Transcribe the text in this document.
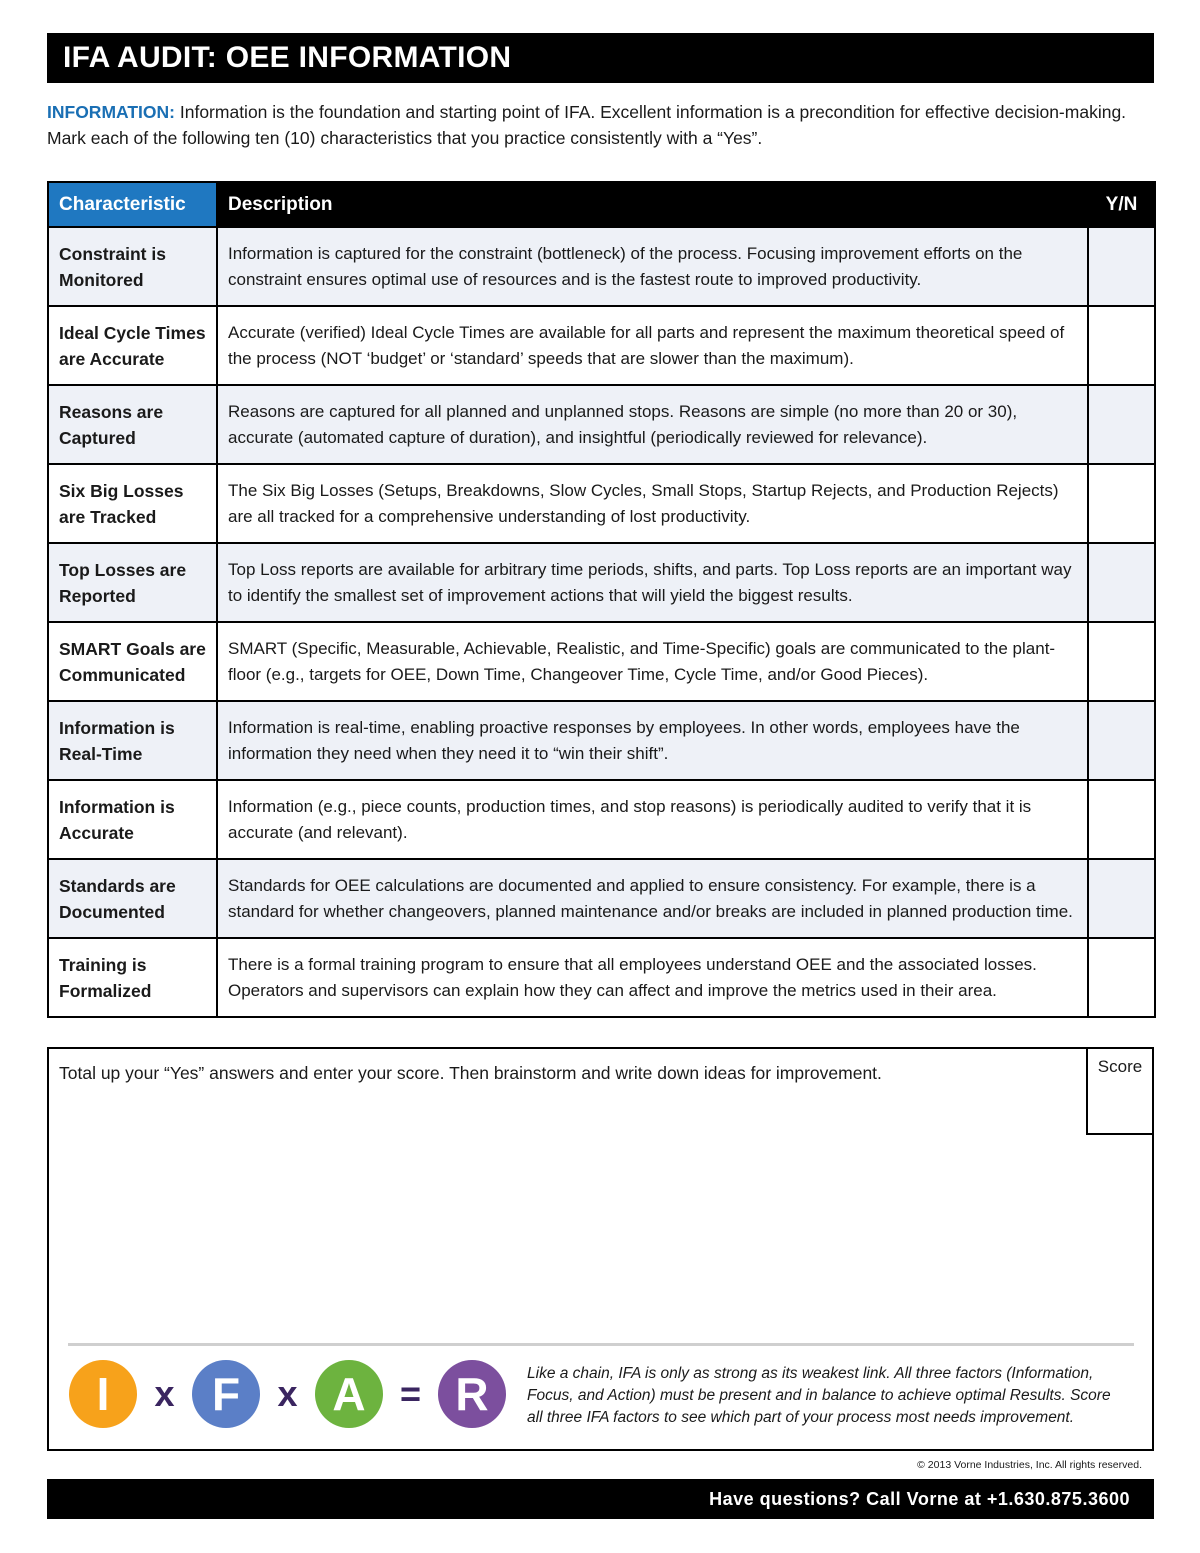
IFA AUDIT: OEE INFORMATION
INFORMATION: Information is the foundation and starting point of IFA. Excellent information is a precondition for effective decision-making. Mark each of the following ten (10) characteristics that you practice consistently with a “Yes”.
Characteristic	Description	Y/N
Constraint is Monitored	Information is captured for the constraint (bottleneck) of the process. Focusing improvement efforts on the constraint ensures optimal use of resources and is the fastest route to improved productivity.	
Ideal Cycle Times are Accurate	Accurate (verified) Ideal Cycle Times are available for all parts and represent the maximum theoretical speed of the process (NOT ‘budget’ or ‘standard’ speeds that are slower than the maximum).	
Reasons are Captured	Reasons are captured for all planned and unplanned stops. Reasons are simple (no more than 20 or 30), accurate (automated capture of duration), and insightful (periodically reviewed for relevance).	
Six Big Losses are Tracked	The Six Big Losses (Setups, Breakdowns, Slow Cycles, Small Stops, Startup Rejects, and Production Rejects) are all tracked for a comprehensive understanding of lost productivity.	
Top Losses are Reported	Top Loss reports are available for arbitrary time periods, shifts, and parts. Top Loss reports are an important way to identify the smallest set of improvement actions that will yield the biggest results.	
SMART Goals are Communicated	SMART (Specific, Measurable, Achievable, Realistic, and Time-Specific) goals are communicated to the plant-floor (e.g., targets for OEE, Down Time, Changeover Time, Cycle Time, and/or Good Pieces).	
Information is Real-Time	Information is real-time, enabling proactive responses by employees. In other words, employees have the information they need when they need it to “win their shift”.	
Information is Accurate	Information (e.g., piece counts, production times, and stop reasons) is periodically audited to verify that it is accurate (and relevant).	
Standards are Documented	Standards for OEE calculations are documented and applied to ensure consistency. For example, there is a standard for whether changeovers, planned maintenance and/or breaks are included in planned production time.	
Training is Formalized	There is a formal training program to ensure that all employees understand OEE and the associated losses. Operators and supervisors can explain how they can affect and improve the metrics used in their area.	
Total up your “Yes” answers and enter your score. Then brainstorm and write down ideas for improvement.	Score
I	x F	x A = R	Like a chain, IFA is only as strong as its weakest link. All three factors (Information, Focus, and Action) must be present and in balance to achieve optimal Results. Score all three IFA factors to see which part of your process most needs improvement.
© 2013 Vorne Industries, Inc. All rights reserved.
Have questions? Call Vorne at +1.630.875.3600
